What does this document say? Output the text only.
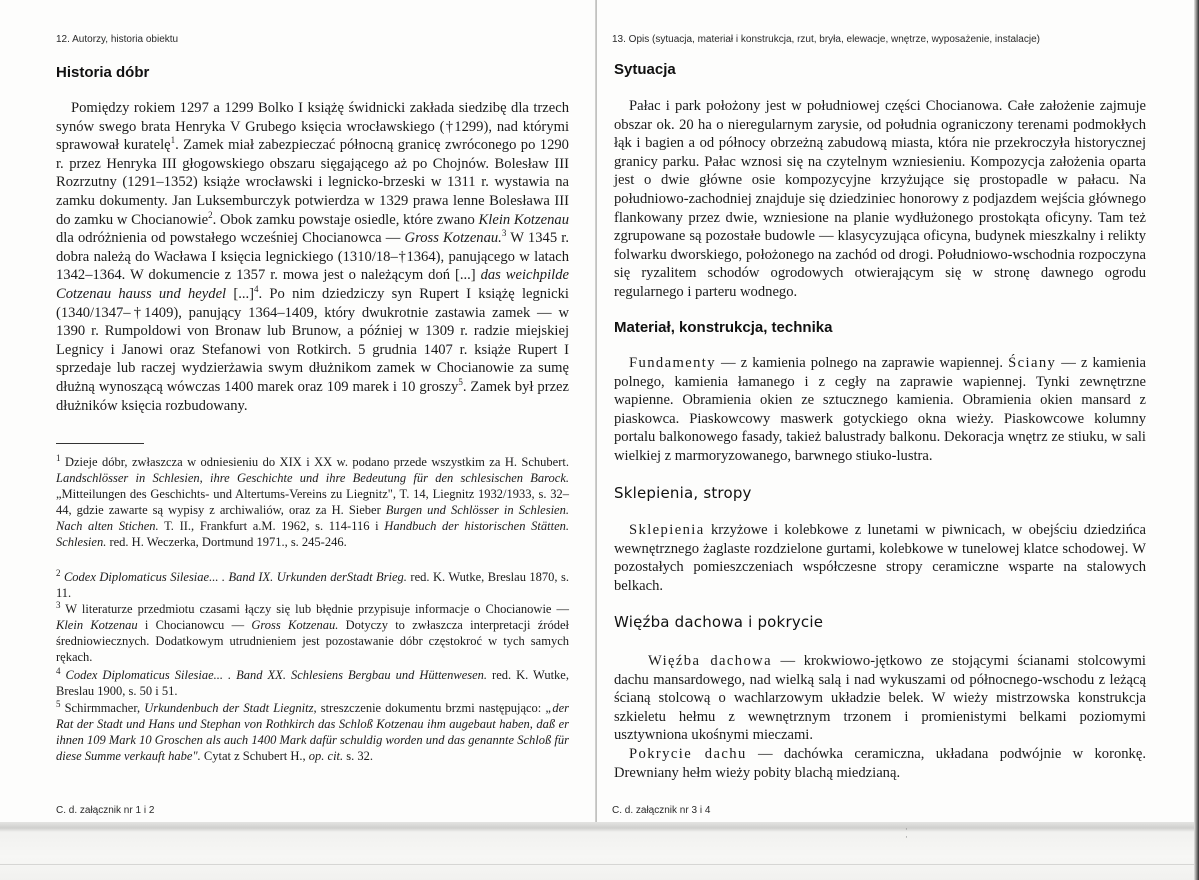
12. Autorzy, historia obiektu
Historia dóbr

Pomiędzy rokiem 1297 a 1299 Bolko I książę świdnicki zakłada siedzibę dla trzech synów swego brata Henryka V Grubego księcia wrocławskiego (†1299), nad którymi sprawował kuratelę$^1$. Zamek miał zabezpieczać północną granicę zwróconego po 1290 r. przez Henryka III głogowskiego obszaru sięgającego aż po Chojnów. Bolesław III Rozrzutny (1291–1352) książe wrocławski i legnicko-brzeski w 1311 r. wystawia na zamku dokumenty. Jan Luksemburczyk potwierdza w 1329 prawa lenne Bolesława III do zamku w Chocianowie$^2$. Obok zamku powstaje osiedle, które zwano Klein Kotzenau dla odróżnienia od powstałego wcześniej Chocianowca — Gross Kotzenau.$^3$ W 1345 r. dobra należą do Wacława I księcia legnickiego (1310/18–†1364), panującego w latach 1342–1364. W dokumencie z 1357 r. mowa jest o należącym doń [...] das weichpilde Cotzenau hauss und heydel [...]$^4$. Po nim dziedziczy syn Rupert I książę legnicki (1340/1347–†1409), panujący 1364–1409, który dwukrotnie zastawia zamek — w 1390 r. Rumpoldowi von Bronaw lub Brunow, a później w 1309 r. radzie miejskiej Legnicy i Janowi oraz Stefanowi von Rotkirch. 5 grudnia 1407 r. książe Rupert I sprzedaje lub raczej wydzierżawia swym dłużnikom zamek w Chocianowie za sumę dłużną wynoszącą wówczas 1400 marek oraz 109 marek i 10 groszy$^5$. Zamek był przez dłużników księcia rozbudowany.

$^1$ Dzieje dóbr, zwłaszcza w odniesieniu do XIX i XX w. podano przede wszystkim za H. Schubert. Landschlösser in Schlesien, ihre Geschichte und ihre Bedeutung für den schlesischen Barock. „Mitteilungen des Geschichts- und Altertums-Vereins zu Liegnitz", T. 14, Liegnitz 1932/1933, s. 32–44, gdzie zawarte są wypisy z archiwaliów, oraz za H. Sieber Burgen und Schlösser in Schlesien. Nach alten Stichen. T. II., Frankfurt a.M. 1962, s. 114-116 i Handbuch der historischen Stätten. Schlesien. red. H. Weczerka, Dortmund 1971., s. 245-246.

$^2$ Codex Diplomaticus Silesiae... . Band IX. Urkunden derStadt Brieg. red. K. Wutke, Breslau 1870, s. 11.

$^3$ W literaturze przedmiotu czasami łączy się lub błędnie przypisuje informacje o Chocianowie — Klein Kotzenau i Chocianowcu — Gross Kotzenau. Dotyczy to zwłaszcza interpretacji źródeł średniowiecznych. Dodatkowym utrudnieniem jest pozostawanie dóbr częstokroć w tych samych rękach.

$^4$ Codex Diplomaticus Silesiae... . Band XX. Schlesiens Bergbau und Hüttenwesen. red. K. Wutke, Breslau 1900, s. 50 i 51.

$^5$ Schirmmacher, Urkundenbuch der Stadt Liegnitz, streszczenie dokumentu brzmi następująco: „der Rat der Stadt und Hans und Stephan von Rothkirch das Schloß Kotzenau ihm augebaut haben, daß er ihnen 109 Mark 10 Groschen als auch 1400 Mark dafür schuldig worden und das genannte Schloß für diese Summe verkauft habe". Cytat z Schubert H., op. cit. s. 32.

C. d. załącznik nr 1 i 2
13. Opis (sytuacja, materiał i konstrukcja, rzut, bryła, elewacje, wnętrze, wyposażenie, instalacje)
Sytuacja

Pałac i park położony jest w południowej części Chocianowa. Całe założenie zajmuje obszar ok. 20 ha o nieregularnym zarysie, od południa ograniczony terenami podmokłych łąk i bagien a od północy obrzeżną zabudową miasta, która nie przekroczyła historycznej granicy parku. Pałac wznosi się na czytelnym wzniesieniu. Kompozycja założenia oparta jest o dwie główne osie kompozycyjne krzyżujące się prostopadle w pałacu. Na południowo-zachodniej znajduje się dziedziniec honorowy z podjazdem wejścia głównego flankowany przez dwie, wzniesione na planie wydłużonego prostokąta oficyny. Tam też zgrupowane są pozostałe budowle — klasycyzująca oficyna, budynek mieszkalny i relikty folwarku dworskiego, położonego na zachód od drogi. Południowo-wschodnia rozpoczyna się ryzalitem schodów ogrodowych otwierającym się w stronę dawnego ogrodu regularnego i parteru wodnego.

Materiał, konstrukcja, technika

Fundamenty — z kamienia polnego na zaprawie wapiennej. Ściany — z kamienia polnego, kamienia łamanego i z cegły na zaprawie wapiennej. Tynki zewnętrzne wapienne. Obramienia okien ze sztucznego kamienia. Obramienia okien mansard z piaskowca. Piaskowcowy maswerk gotyckiego okna wieży. Piaskowcowe kolumny portalu balkonowego fasady, takież balustrady balkonu. Dekoracja wnętrz ze stiuku, w sali wielkiej z marmoryzowanego, barwnego stiuko-lustra.

Sklepienia, stropy

Sklepienia krzyżowe i kolebkowe z lunetami w piwnicach, w obejściu dziedzińca wewnętrznego żaglaste rozdzielone gurtami, kolebkowe w tunelowej klatce schodowej. W pozostałych pomieszczeniach współczesne stropy ceramiczne wsparte na stalowych belkach.

Więźba dachowa i pokrycie

Więźba dachowa — krokwiowo-jętkowo ze stojącymi ścianami stolcowymi dachu mansardowego, nad wielką salą i nad wykuszami od północnego-wschodu z leżącą ścianą stolcową o wachlarzowym układzie belek. W wieży mistrzowska konstrukcja szkieletu hełmu z wewnętrznym trzonem i promienistymi belkami poziomymi usztywniona ukośnymi mieczami.

Pokrycie dachu — dachówka ceramiczna, układana podwójnie w koronkę. Drewniany hełm wieży pobity blachą miedzianą.

C. d. załącznik nr 3 i 4
·
·
